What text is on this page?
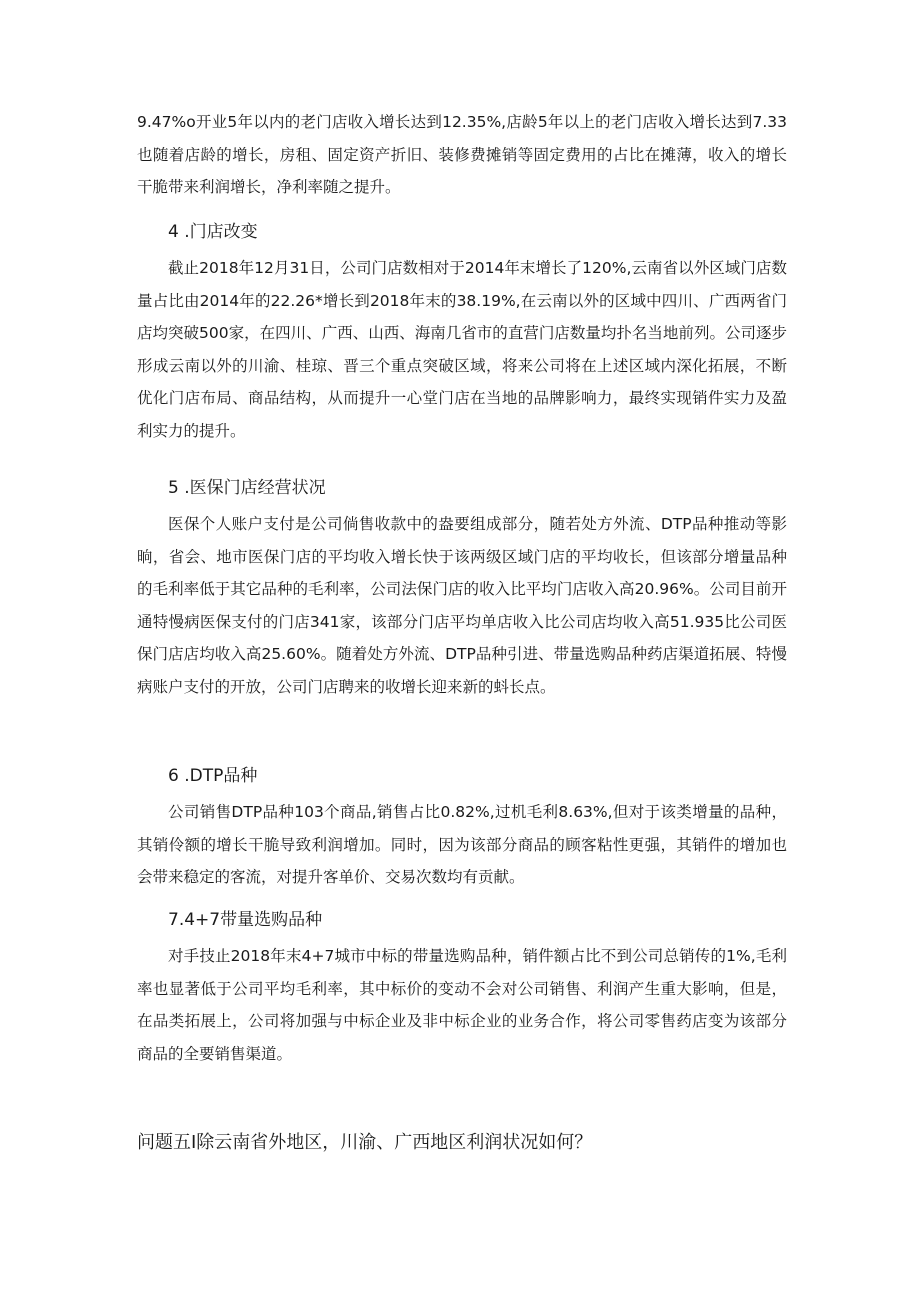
9.47%o开业5年以内的老门店收入增长达到12.35%,店龄5年以上的老门店收入增长达到7.33也随着店龄的增长，房租、固定资产折旧、装修费摊销等固定费用的占比在摊薄，收入的增长干脆带来利润增长，净利率随之提升。

4 .门店改变

截止2018年12月31日，公司门店数相对于2014年末增长了120%,云南省以外区域门店数量占比由2014年的22.26*增长到2018年末的38.19%,在云南以外的区域中四川、广西两省门店均突破500家，在四川、广西、山西、海南几省市的直营门店数量均扑名当地前列。公司逐步形成云南以外的川渝、桂琼、晋三个重点突破区域，将来公司将在上述区域内深化拓展，不断优化门店布局、商品结构，从而提升一心堂门店在当地的品牌影响力，最终实现销件实力及盈利实力的提升。

5 .医保门店经营状况

医保个人账户支付是公司倘售收款中的盎要组成部分，随若处方外流、DTP品种推动等影晌，省会、地市医保门店的平均收入增长快于该两级区域门店的平均收长，但该部分增量品种的毛利率低于其它品种的毛利率，公司法保门店的收入比平均门店收入高20.96%。公司目前开通特慢病医保支付的门店341家，该部分门店平均单店收入比公司店均收入高51.935比公司医保门店店均收入高25.60%。随着处方外流、DTP品种引进、带量选购品种药店渠道拓展、特慢病账户支付的开放，公司门店聘来的收增长迎来新的蚪长点。

6 .DTP品种

公司销售DTP品种103个商品,销售占比0.82%,过机毛利8.63%,但对于该类增量的品种，其销伶额的增长干脆导致利润增加。同时，因为该部分商品的顾客粘性更强，其销件的增加也会带来稳定的客流，对提升客单价、交易次数均有贡献。

7.4+7带量选购品种

对手技止2018年末4+7城市中标的带量选购品种，销件额占比不到公司总销传的1%,毛利率也显著低于公司平均毛利率，其中标价的变动不会对公司销售、利润产生重大影响，但是，在品类拓展上，公司将加强与中标企业及非中标企业的业务合作，将公司零售药店变为该部分商品的全要销售渠道。

问题五I除云南省外地区，川渝、广西地区利润状况如何？
